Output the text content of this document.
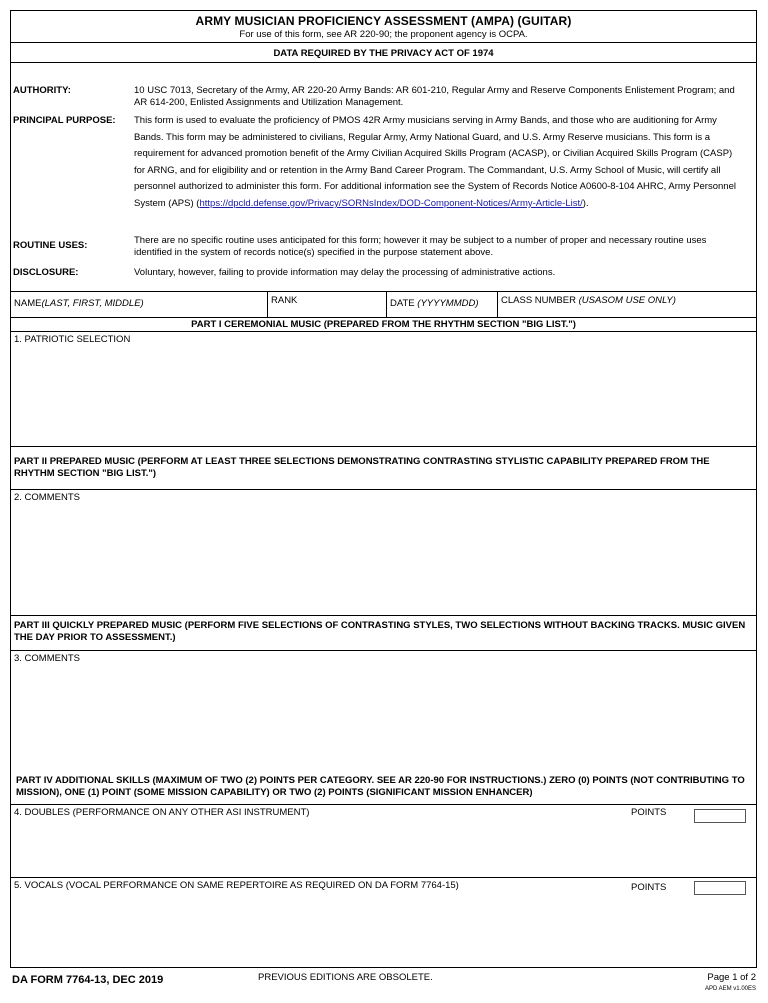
ARMY MUSICIAN PROFICIENCY ASSESSMENT (AMPA) (GUITAR)
For use of this form, see AR 220-90; the proponent agency is OCPA.
DATA REQUIRED BY THE PRIVACY ACT OF 1974
AUTHORITY:	10 USC 7013, Secretary of the Army, AR 220-20 Army Bands: AR 601-210, Regular Army and Reserve Components Enlistement Program; and AR 614-200, Enlisted Assignments and Utilization Management.
PRINCIPAL PURPOSE: This form is used to evaluate the proficiency of PMOS 42R Army musicians serving in Army Bands, and those who are auditioning for Army Bands. This form may be administered to civilians, Regular Army, Army National Guard, and U.S. Army Reserve musicians. This form is a requirement for advanced promotion benefit of the Army Civilian Acquired Skills Program (ACASP), or Civilian Acquired Skills Program (CASP) for ARNG, and for eligibility and or retention in the Army Band Career Program. The Commandant, U.S. Army School of Music, will certify all personnel authorized to administer this form. For additional information see the System of Records Notice A0600-8-104 AHRC, Army Personnel System (APS) (https://dpcld.defense.gov/Privacy/SORNsIndex/DOD-Component-Notices/Army-Article-List/).
ROUTINE USES:	There are no specific routine uses anticipated for this form; however it may be subject to a number of proper and necessary routine uses identified in the system of records notice(s) specified in the purpose statement above.
DISCLOSURE:	Voluntary, however, failing to provide information may delay the processing of administrative actions.
NAME(LAST, FIRST, MIDDLE)	RANK	DATE (YYYYMMDD)	CLASS NUMBER (USASOM USE ONLY)
PART I CEREMONIAL MUSIC (PREPARED FROM THE RHYTHM SECTION "BIG LIST.")
1. PATRIOTIC SELECTION
PART II PREPARED MUSIC (PERFORM AT LEAST THREE SELECTIONS DEMONSTRATING CONTRASTING STYLISTIC CAPABILITY PREPARED FROM THE RHYTHM SECTION "BIG LIST.")
2. COMMENTS
PART III QUICKLY PREPARED MUSIC (PERFORM FIVE SELECTIONS OF CONTRASTING STYLES, TWO SELECTIONS WITHOUT BACKING TRACKS. MUSIC GIVEN THE DAY PRIOR TO ASSESSMENT.)
3. COMMENTS
PART IV ADDITIONAL SKILLS (MAXIMUM OF TWO (2) POINTS PER CATEGORY. SEE AR 220-90 FOR INSTRUCTIONS.) ZERO (0) POINTS (NOT CONTRIBUTING TO MISSION), ONE (1) POINT (SOME MISSION CAPABILITY) OR TWO (2) POINTS (SIGNIFICANT MISSION ENHANCER)
4. DOUBLES (PERFORMANCE ON ANY OTHER ASI INSTRUMENT)	POINTS
5. VOCALS (VOCAL PERFORMANCE ON SAME REPERTOIRE AS REQUIRED ON DA FORM 7764-15)	POINTS
DA FORM 7764-13, DEC 2019	PREVIOUS EDITIONS ARE OBSOLETE.	Page 1 of 2
APD AEM v1.00ES
